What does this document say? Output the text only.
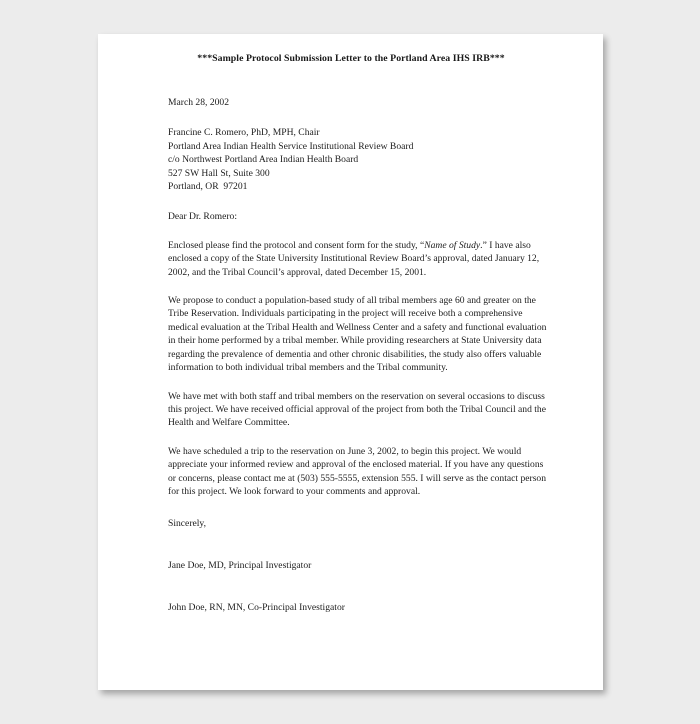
***Sample Protocol Submission Letter to the Portland Area IHS IRB***
March 28, 2002
Francine C. Romero, PhD, MPH, Chair
Portland Area Indian Health Service Institutional Review Board
c/o Northwest Portland Area Indian Health Board
527 SW Hall St, Suite 300
Portland, OR  97201
Dear Dr. Romero:
Enclosed please find the protocol and consent form for the study, “Name of Study.” I have also enclosed a copy of the State University Institutional Review Board’s approval, dated January 12, 2002, and the Tribal Council’s approval, dated December 15, 2001.
We propose to conduct a population-based study of all tribal members age 60 and greater on the Tribe Reservation. Individuals participating in the project will receive both a comprehensive medical evaluation at the Tribal Health and Wellness Center and a safety and functional evaluation in their home performed by a tribal member. While providing researchers at State University data regarding the prevalence of dementia and other chronic disabilities, the study also offers valuable information to both individual tribal members and the Tribal community.
We have met with both staff and tribal members on the reservation on several occasions to discuss this project. We have received official approval of the project from both the Tribal Council and the Health and Welfare Committee.
We have scheduled a trip to the reservation on June 3, 2002, to begin this project. We would appreciate your informed review and approval of the enclosed material. If you have any questions or concerns, please contact me at (503) 555-5555, extension 555. I will serve as the contact person for this project. We look forward to your comments and approval.
Sincerely,
Jane Doe, MD, Principal Investigator
John Doe, RN, MN, Co-Principal Investigator
